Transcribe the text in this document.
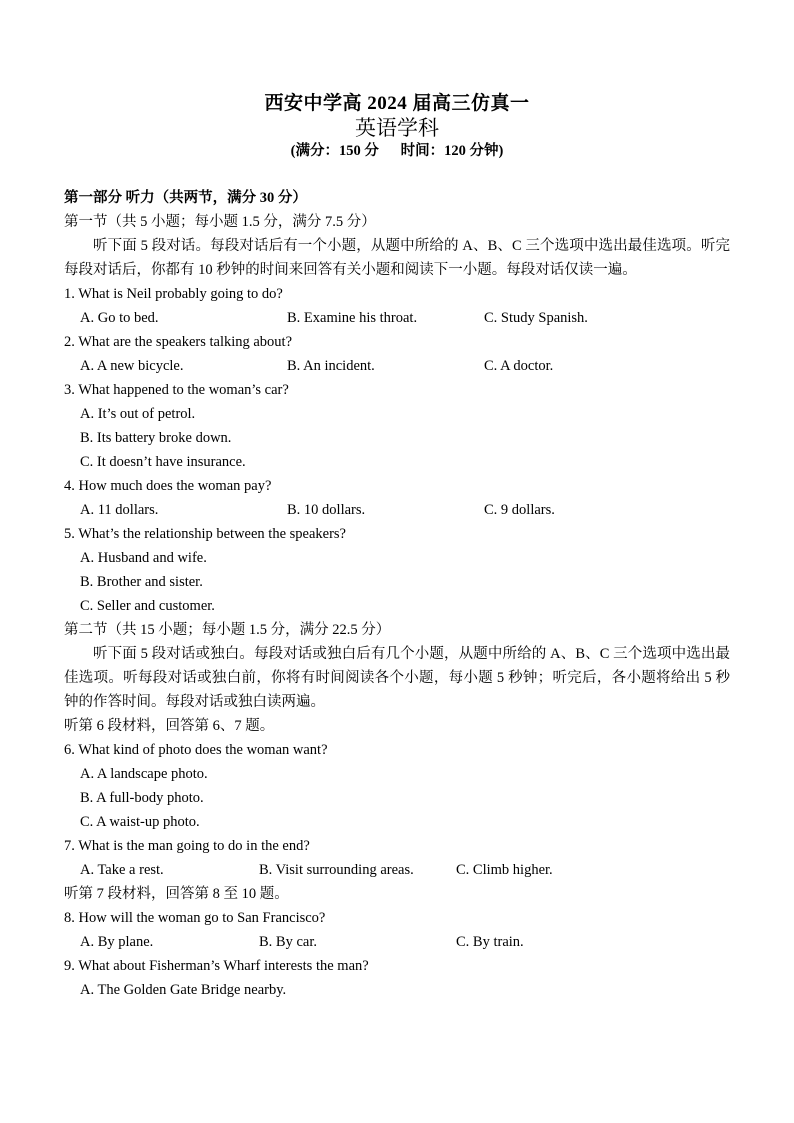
西安中学高 2024 届高三仿真一
英语学科
(满分：150 分      时间：120 分钟)
第一部分 听力（共两节，满分 30 分）
第一节（共 5 小题；每小题 1.5 分，满分 7.5 分）
听下面 5 段对话。每段对话后有一个小题，从题中所给的 A、B、C 三个选项中选出最佳选项。听完每段对话后，你都有 10 秒钟的时间来回答有关小题和阅读下一小题。每段对话仅读一遍。
1. What is Neil probably going to do?
A. Go to bed.	B. Examine his throat.	C. Study Spanish.
2. What are the speakers talking about?
A. A new bicycle.	B. An incident.	C. A doctor.
3. What happened to the woman’s car?
A. It’s out of petrol.
B. Its battery broke down.
C. It doesn’t have insurance.
4. How much does the woman pay?
A. 11 dollars.	B. 10 dollars.	C. 9 dollars.
5. What’s the relationship between the speakers?
A. Husband and wife.
B. Brother and sister.
C. Seller and customer.
第二节（共 15 小题；每小题 1.5 分，满分 22.5 分）
听下面 5 段对话或独白。每段对话或独白后有几个小题，从题中所给的 A、B、C 三个选项中选出最佳选项。听每段对话或独白前，你将有时间阅读各个小题，每小题 5 秒钟；听完后，各小题将给出 5 秒钟的作答时间。每段对话或独白读两遍。
听第 6 段材料，回答第 6、7 题。
6. What kind of photo does the woman want?
A. A landscape photo.
B. A full-body photo.
C. A waist-up photo.
7. What is the man going to do in the end?
A. Take a rest.	B. Visit surrounding areas.	C. Climb higher.
听第 7 段材料，回答第 8 至 10 题。
8. How will the woman go to San Francisco?
A. By plane.	B. By car.	C. By train.
9. What about Fisherman’s Wharf interests the man?
A. The Golden Gate Bridge nearby.
